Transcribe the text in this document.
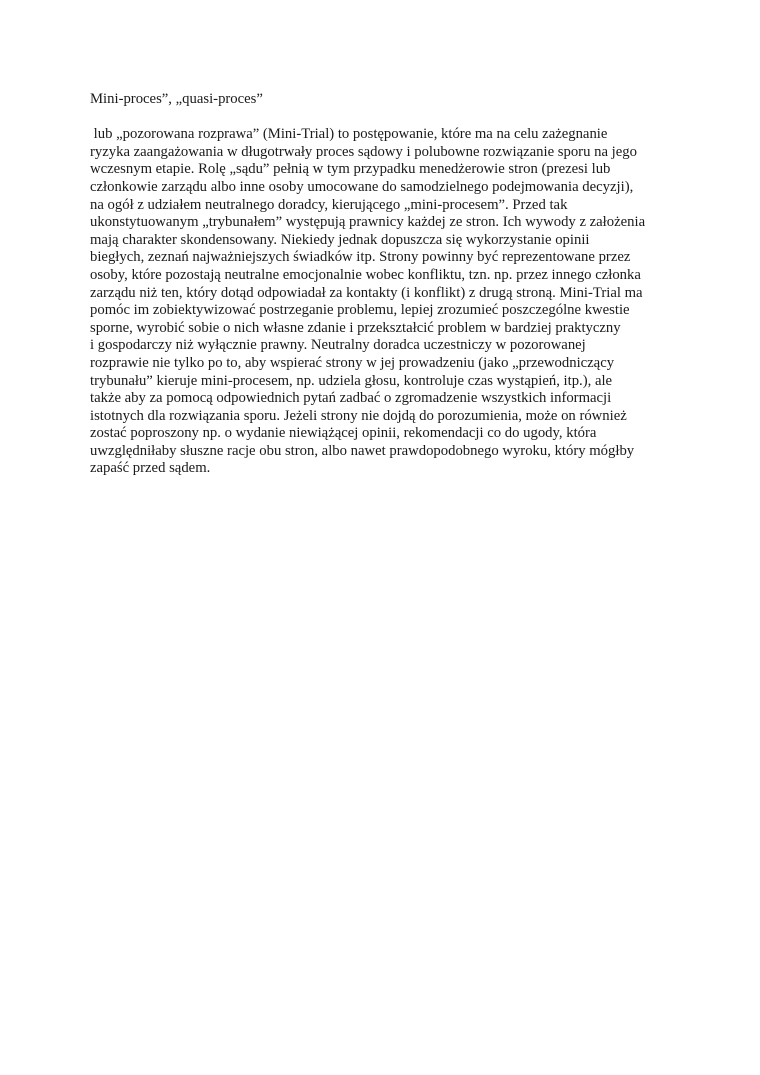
Mini-proces”, „quasi-proces”

lub „pozorowana rozprawa” (Mini-Trial) to postępowanie, które ma na celu zażegnanie
ryzyka zaangażowania w długotrwały proces sądowy i polubowne rozwiązanie sporu na jego
wczesnym etapie. Rolę „sądu” pełnią w tym przypadku menedżerowie stron (prezesi lub
członkowie zarządu albo inne osoby umocowane do samodzielnego podejmowania decyzji),
na ogół z udziałem neutralnego doradcy, kierującego „mini-procesem”. Przed tak
ukonstytuowanym „trybunałem” występują prawnicy każdej ze stron. Ich wywody z założenia
mają charakter skondensowany. Niekiedy jednak dopuszcza się wykorzystanie opinii
biegłych, zeznań najważniejszych świadków itp. Strony powinny być reprezentowane przez
osoby, które pozostają neutralne emocjonalnie wobec konfliktu, tzn. np. przez innego członka
zarządu niż ten, który dotąd odpowiadał za kontakty (i konflikt) z drugą stroną. Mini-Trial ma
pomóc im zobiektywizować postrzeganie problemu, lepiej zrozumieć poszczególne kwestie
sporne, wyrobić sobie o nich własne zdanie i przekształcić problem w bardziej praktyczny
i gospodarczy niż wyłącznie prawny. Neutralny doradca uczestniczy w pozorowanej
rozprawie nie tylko po to, aby wspierać strony w jej prowadzeniu (jako „przewodniczący
trybunału” kieruje mini-procesem, np. udziela głosu, kontroluje czas wystąpień, itp.), ale
także aby za pomocą odpowiednich pytań zadbać o zgromadzenie wszystkich informacji
istotnych dla rozwiązania sporu. Jeżeli strony nie dojdą do porozumienia, może on również
zostać poproszony np. o wydanie niewiążącej opinii, rekomendacji co do ugody, która
uwzględniłaby słuszne racje obu stron, albo nawet prawdopodobnego wyroku, który mógłby
zapaść przed sądem.
